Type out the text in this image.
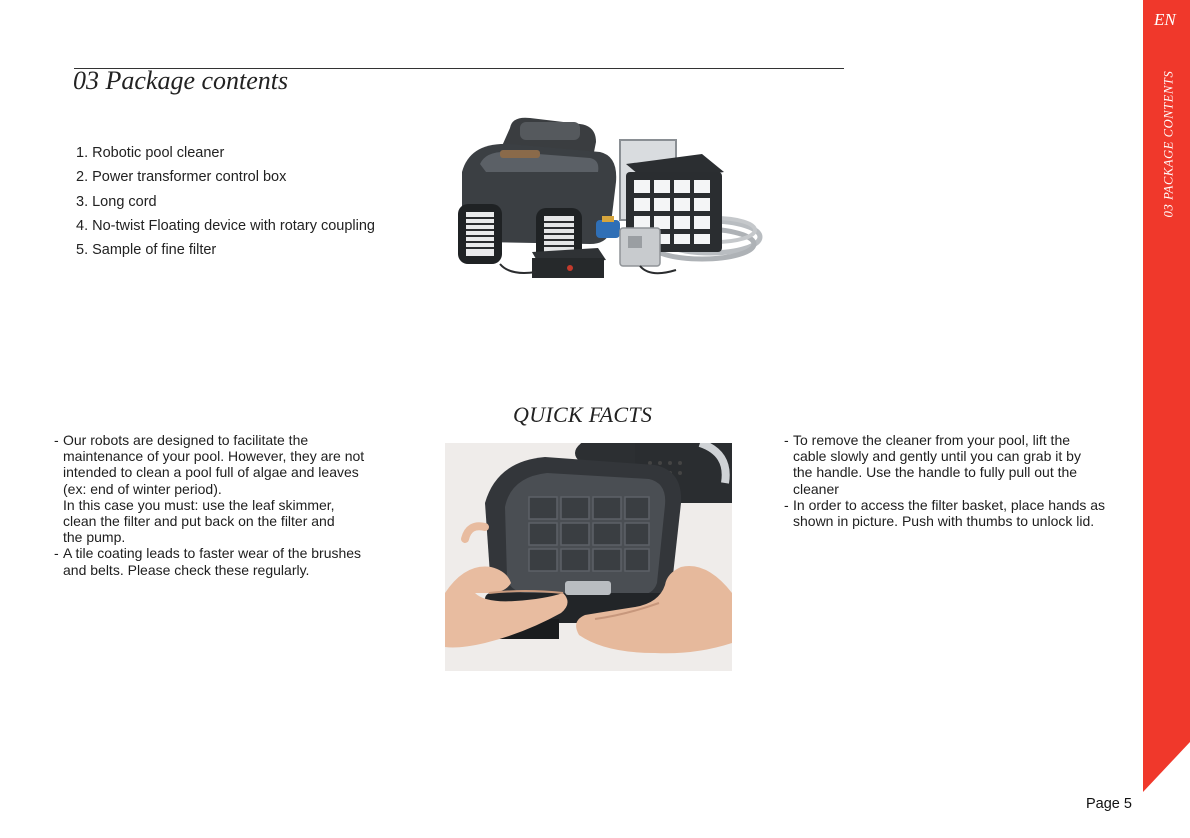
03 Package contents
1. Robotic pool cleaner
2. Power transformer control box
3. Long cord
4. No-twist Floating device with rotary coupling
5. Sample of fine filter
QUICK FACTS
- Our robots are designed to facilitate the
maintenance of your pool. However, they are not
intended to clean a pool full of algae and leaves
(ex: end of winter period).
In this case you must: use the leaf skimmer,
clean the filter and put back on the filter and
the pump.
- A tile coating leads to faster wear of the brushes
and belts. Please check these regularly.
- To remove the cleaner from your pool, lift the
cable slowly and gently until you can grab it by
the handle. Use the handle to fully pull out the
cleaner
- In order to access the filter basket, place hands as
shown in picture. Push with thumbs to unlock lid.
Page 5
EN
03 PACKAGE CONTENTS
